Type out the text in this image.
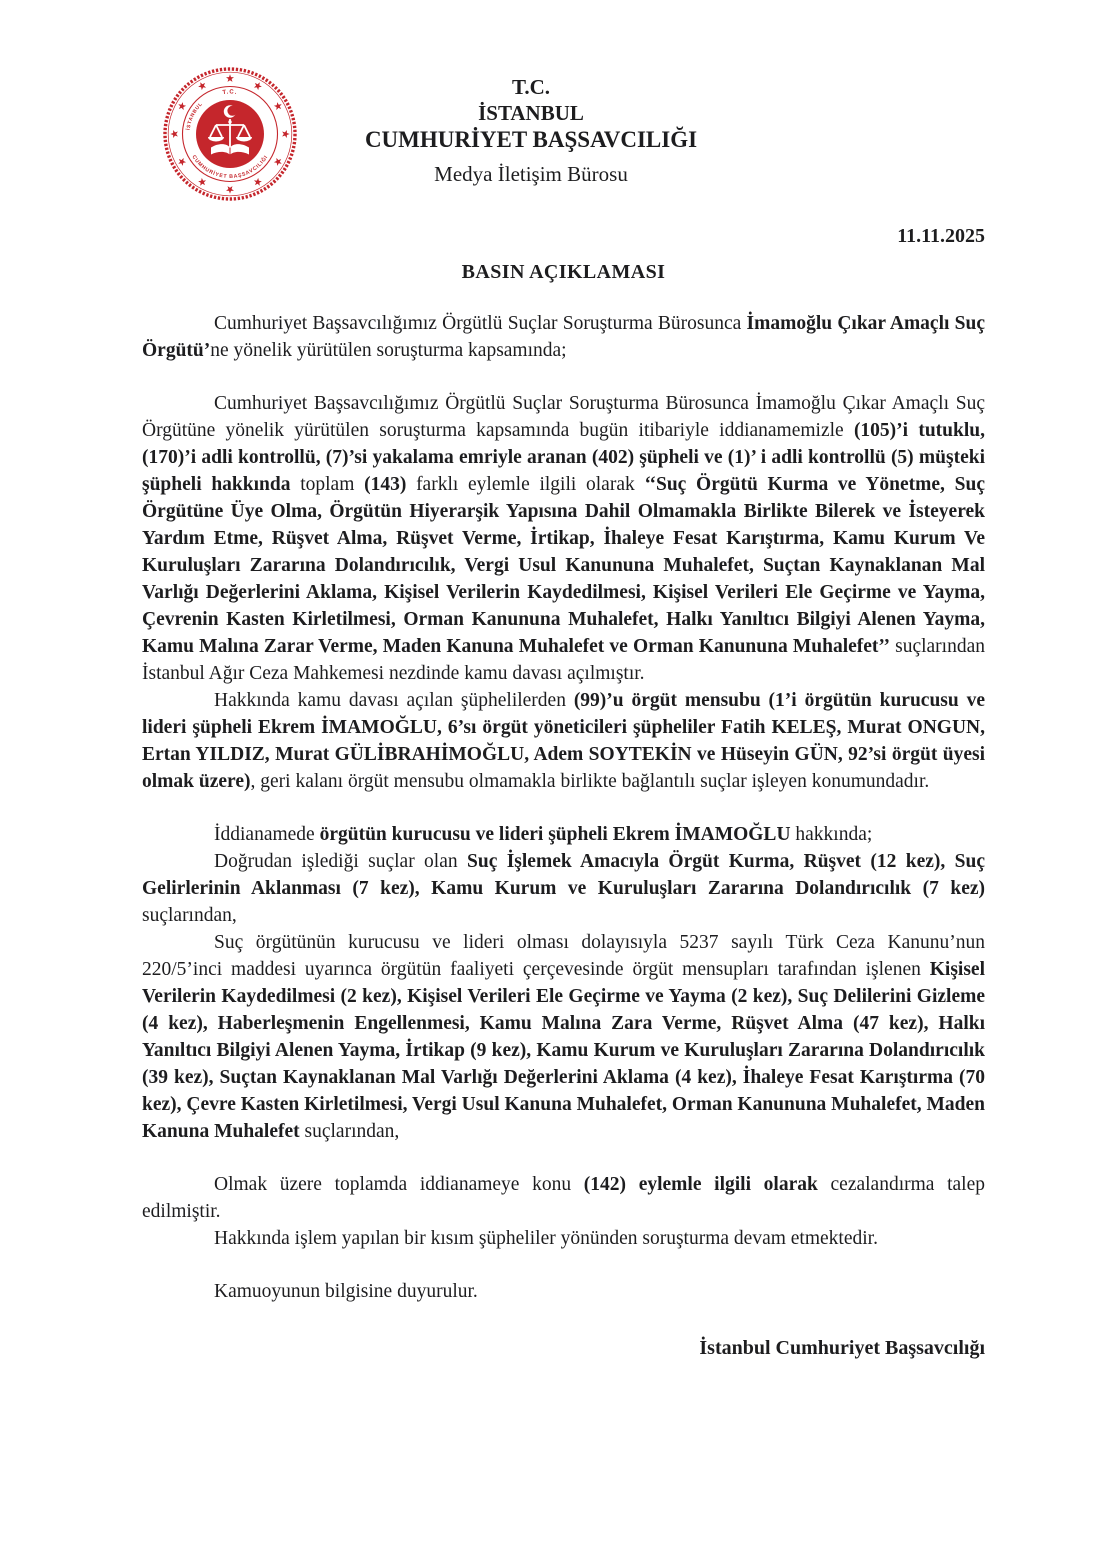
T.C.
İSTANBUL
CUMHURİYET BAŞSAVCILIĞI
T.C.
İSTANBUL
CUMHURİYET BAŞSAVCILIĞI
Medya İletişim Bürosu
11.11.2025
BASIN AÇIKLAMASI

Cumhuriyet Başsavcılığımız Örgütlü Suçlar Soruşturma Bürosunca İmamoğlu Çıkar Amaçlı Suç Örgütü’ne yönelik yürütülen soruşturma kapsamında;

Cumhuriyet Başsavcılığımız Örgütlü Suçlar Soruşturma Bürosunca İmamoğlu Çıkar Amaçlı Suç Örgütüne yönelik yürütülen soruşturma kapsamında bugün itibariyle iddianamemizle (105)’i tutuklu, (170)’i adli kontrollü, (7)’si yakalama emriyle aranan (402) şüpheli ve (1)’ i adli kontrollü (5) müşteki şüpheli hakkında toplam (143) farklı eylemle ilgili olarak ‘‘Suç Örgütü Kurma ve Yönetme, Suç Örgütüne Üye Olma, Örgütün Hiyerarşik Yapısına Dahil Olmamakla Birlikte Bilerek ve İsteyerek Yardım Etme, Rüşvet Alma, Rüşvet Verme, İrtikap, İhaleye Fesat Karıştırma, Kamu Kurum Ve Kuruluşları Zararına Dolandırıcılık, Vergi Usul Kanununa Muhalefet, Suçtan Kaynaklanan Mal Varlığı Değerlerini Aklama, Kişisel Verilerin Kaydedilmesi, Kişisel Verileri Ele Geçirme ve Yayma, Çevrenin Kasten Kirletilmesi, Orman Kanununa Muhalefet, Halkı Yanıltıcı Bilgiyi Alenen Yayma, Kamu Malına Zarar Verme, Maden Kanuna Muhalefet ve Orman Kanununa Muhalefet’’ suçlarından İstanbul Ağır Ceza Mahkemesi nezdinde kamu davası açılmıştır.

Hakkında kamu davası açılan şüphelilerden (99)’u örgüt mensubu (1’i örgütün kurucusu ve lideri şüpheli Ekrem İMAMOĞLU, 6’sı örgüt yöneticileri şüpheliler Fatih KELEŞ, Murat ONGUN, Ertan YILDIZ, Murat GÜLİBRAHİMOĞLU, Adem SOYTEKİN ve Hüseyin GÜN, 92’si örgüt üyesi olmak üzere), geri kalanı örgüt mensubu olmamakla birlikte bağlantılı suçlar işleyen konumundadır.

İddianamede örgütün kurucusu ve lideri şüpheli Ekrem İMAMOĞLU hakkında;

Doğrudan işlediği suçlar olan Suç İşlemek Amacıyla Örgüt Kurma, Rüşvet (12 kez), Suç Gelirlerinin Aklanması (7 kez), Kamu Kurum ve Kuruluşları Zararına Dolandırıcılık (7 kez) suçlarından,

Suç örgütünün kurucusu ve lideri olması dolayısıyla 5237 sayılı Türk Ceza Kanunu’nun 220/5’inci maddesi uyarınca örgütün faaliyeti çerçevesinde örgüt mensupları tarafından işlenen Kişisel Verilerin Kaydedilmesi (2 kez), Kişisel Verileri Ele Geçirme ve Yayma (2 kez), Suç Delilerini Gizleme (4 kez), Haberleşmenin Engellenmesi, Kamu Malına Zara Verme, Rüşvet Alma (47 kez), Halkı Yanıltıcı Bilgiyi Alenen Yayma, İrtikap (9 kez), Kamu Kurum ve Kuruluşları Zararına Dolandırıcılık (39 kez), Suçtan Kaynaklanan Mal Varlığı Değerlerini Aklama (4 kez), İhaleye Fesat Karıştırma (70 kez), Çevre Kasten Kirletilmesi, Vergi Usul Kanuna Muhalefet, Orman Kanununa Muhalefet, Maden Kanuna Muhalefet suçlarından,

Olmak üzere toplamda iddianameye konu (142) eylemle ilgili olarak cezalandırma talep edilmiştir.

Hakkında işlem yapılan bir kısım şüpheliler yönünden soruşturma devam etmektedir.

Kamuoyunun bilgisine duyurulur.

İstanbul Cumhuriyet Başsavcılığı
